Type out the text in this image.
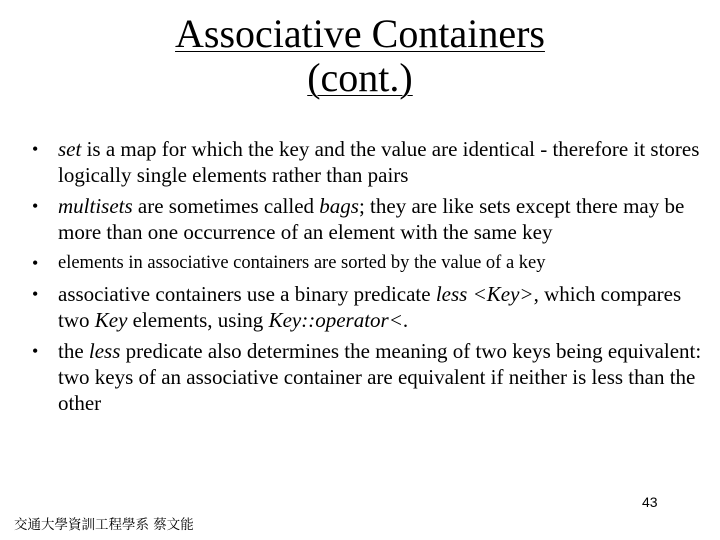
Associative Containers
(cont.)
• set is a map for which the key and the value are identical - therefore it stores logically single elements rather than pairs
• multisets are sometimes called bags; they are like sets except there may be more than one occurrence of an element with the same key
• elements in associative containers are sorted by the value of a key
• associative containers use a binary predicate less <Key>, which compares two Key elements, using Key::operator<.
• the less predicate also determines the meaning of two keys being equivalent: two keys of an associative container are equivalent if neither is less than the other
43
交通大學資訓工程學系 蔡文能
